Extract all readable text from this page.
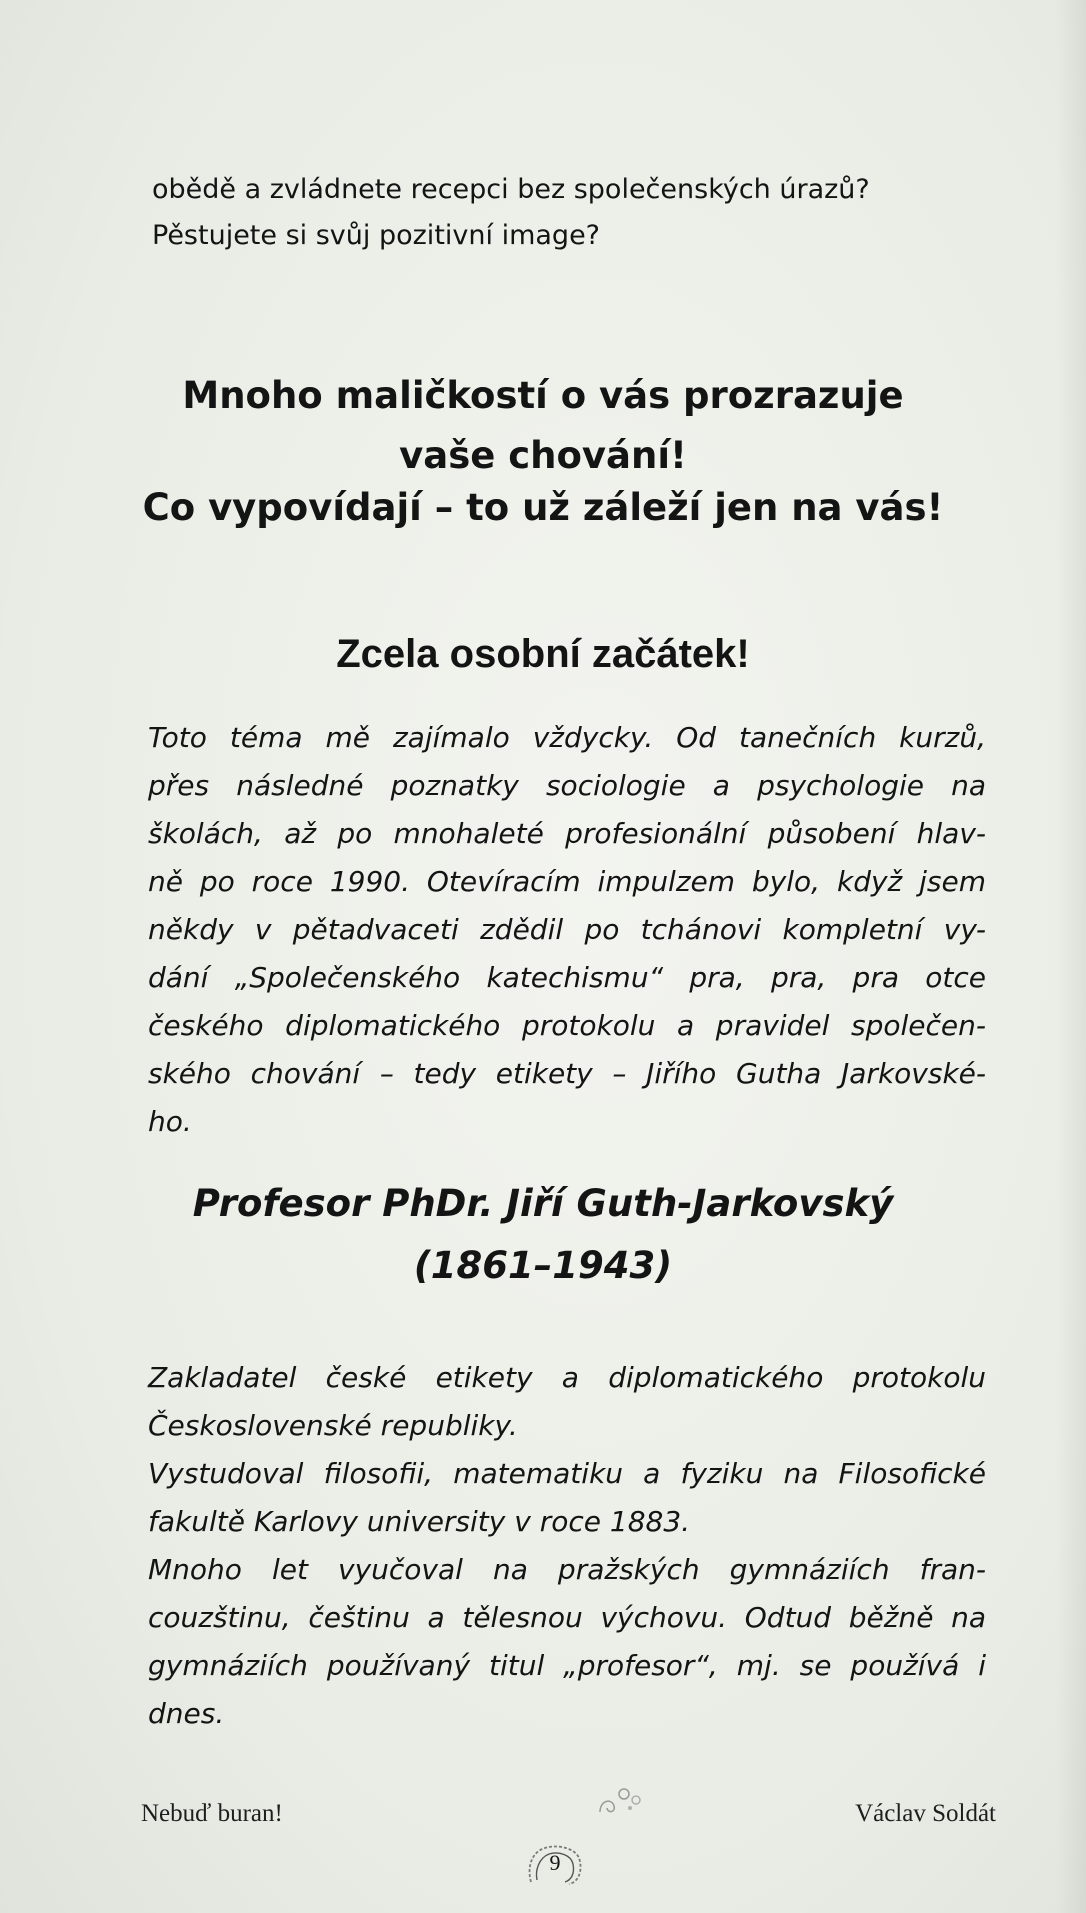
obědě a zvládnete recepci bez společenských úrazů?
Pěstujete si svůj pozitivní image?
Mnoho maličkostí o vás prozrazuje
vaše chování!
Co vypovídají – to už záleží jen na vás!
Zcela osobní začátek!
Toto téma mě zajímalo vždycky. Od tanečních kurzů,
přes následné poznatky sociologie a psychologie na
školách, až po mnohaleté profesionální působení hlav-
ně po roce 1990. Otevíracím impulzem bylo, když jsem
někdy v pětadvaceti zdědil po tchánovi kompletní vy-
dání „Společenského katechismu“ pra, pra, pra otce
českého diplomatického protokolu a pravidel společen-
ského chování – tedy etikety – Jiřího Gutha Jarkovské-
ho.
Profesor PhDr. Jiří Guth-Jarkovský
(1861–1943)
Zakladatel české etikety a diplomatického protokolu
Československé republiky.
Vystudoval filosofii, matematiku a fyziku na Filosofické
fakultě Karlovy university v roce 1883.
Mnoho let vyučoval na pražských gymnáziích fran-
couzštinu, češtinu a tělesnou výchovu. Odtud běžně na
gymnáziích používaný titul „profesor“, mj. se používá i
dnes.
Nebuď buran!	Václav Soldát
9
